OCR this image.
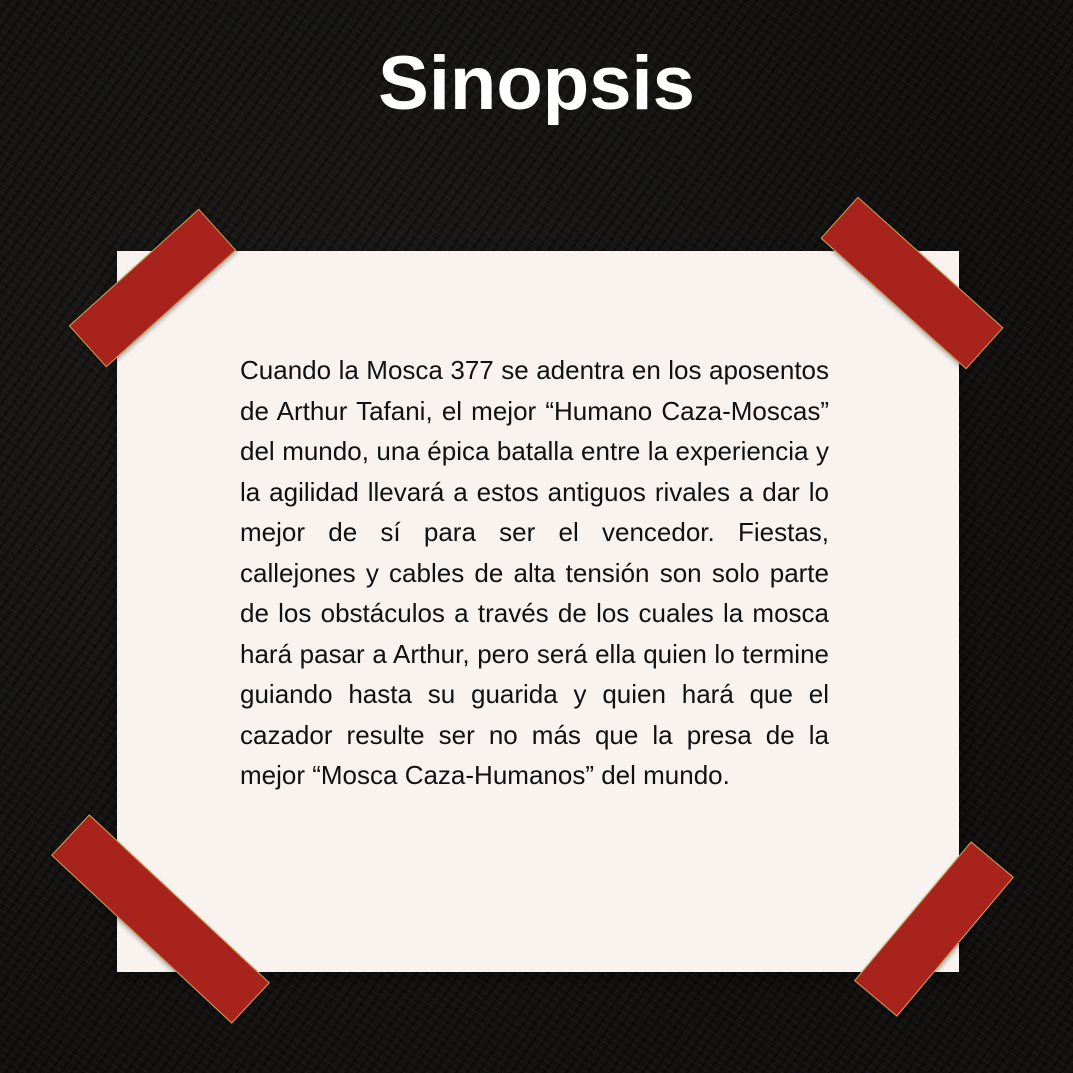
Sinopsis

Cuando la Mosca 377 se adentra en los aposentos de Arthur Tafani, el mejor “Humano Caza-Moscas” del mundo, una épica batalla entre la experiencia y la agilidad llevará a estos antiguos rivales a dar lo mejor de sí para ser el vencedor. Fiestas, callejones y cables de alta tensión son solo parte de los obstáculos a través de los cuales la mosca hará pasar a Arthur, pero será ella quien lo termine guiando hasta su guarida y quien hará que el cazador resulte ser no más que la presa de la mejor “Mosca Caza-Humanos” del mundo.
